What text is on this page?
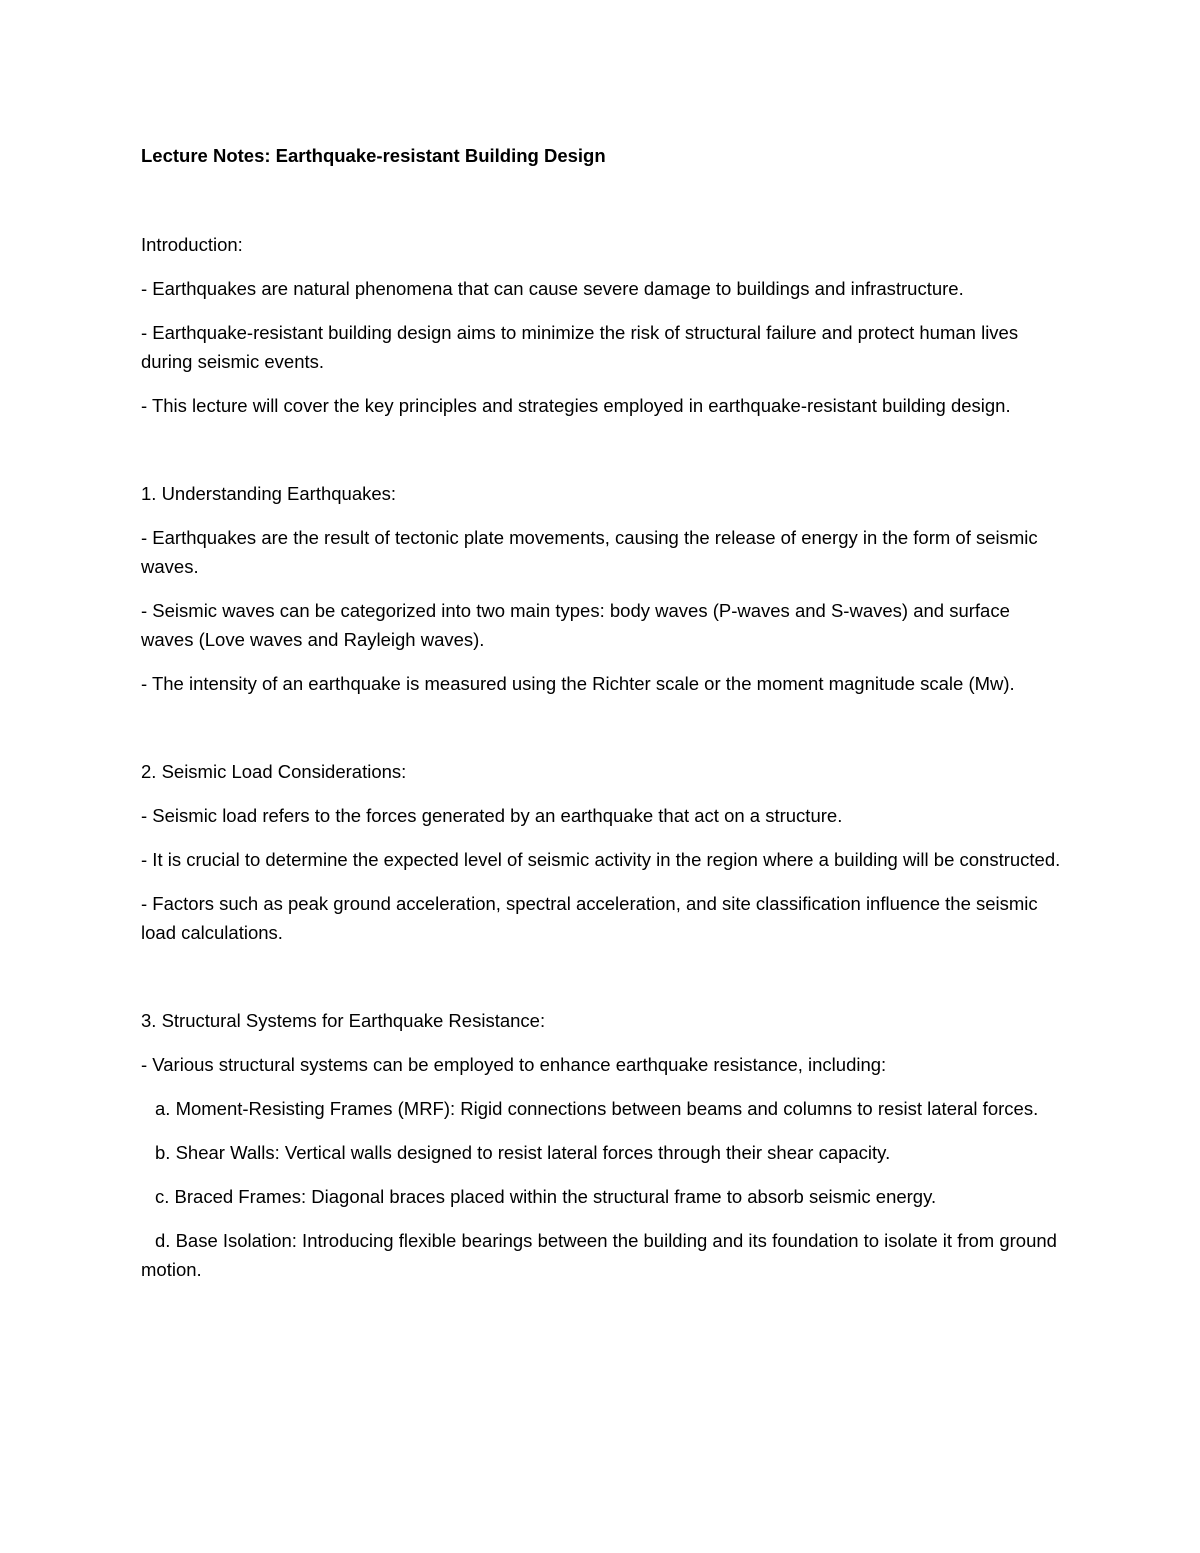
Lecture Notes: Earthquake-resistant Building Design
Introduction:
- Earthquakes are natural phenomena that can cause severe damage to buildings and infrastructure.
- Earthquake-resistant building design aims to minimize the risk of structural failure and protect human lives during seismic events.
- This lecture will cover the key principles and strategies employed in earthquake-resistant building design.
1. Understanding Earthquakes:
- Earthquakes are the result of tectonic plate movements, causing the release of energy in the form of seismic waves.
- Seismic waves can be categorized into two main types: body waves (P-waves and S-waves) and surface waves (Love waves and Rayleigh waves).
- The intensity of an earthquake is measured using the Richter scale or the moment magnitude scale (Mw).
2. Seismic Load Considerations:
- Seismic load refers to the forces generated by an earthquake that act on a structure.
- It is crucial to determine the expected level of seismic activity in the region where a building will be constructed.
- Factors such as peak ground acceleration, spectral acceleration, and site classification influence the seismic load calculations.
3. Structural Systems for Earthquake Resistance:
- Various structural systems can be employed to enhance earthquake resistance, including:
a. Moment-Resisting Frames (MRF): Rigid connections between beams and columns to resist lateral forces.
b. Shear Walls: Vertical walls designed to resist lateral forces through their shear capacity.
c. Braced Frames: Diagonal braces placed within the structural frame to absorb seismic energy.
d. Base Isolation: Introducing flexible bearings between the building and its foundation to isolate it from ground motion.
